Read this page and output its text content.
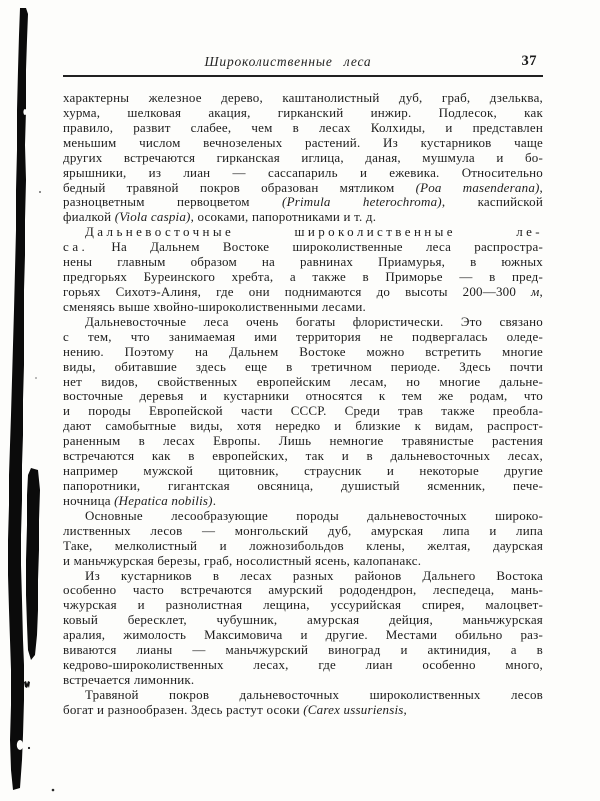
Широколиственные леса	37
характерны железное дерево, каштанолистный дуб, граб, дзельква,
хурма, шелковая акация, гирканский инжир. Подлесок, как
правило, развит слабее, чем в лесах Колхиды, и представлен
меньшим числом вечнозеленых растений. Из кустарников чаще
других встречаются гирканская иглица, даная, мушмула и бо-
ярышники, из лиан — сассапариль и ежевика. Относительно
бедный травяной покров образован мятликом (Poa masenderana),
разноцветным первоцветом (Primula heterochroma), каспийской
фиалкой (Viola caspia), осоками, папоротниками и т. д.
Дальневосточные широколиственные ле-
са. На Дальнем Востоке широколиственные леса распростра-
нены главным образом на равнинах Приамурья, в южных
предгорьях Буреинского хребта, а также в Приморье — в пред-
горьях Сихотэ-Алиня, где они поднимаются до высоты 200—300 м,
сменяясь выше хвойно-широколиственными лесами.
Дальневосточные леса очень богаты флористически. Это связано
с тем, что занимаемая ими территория не подвергалась оледе-
нению. Поэтому на Дальнем Востоке можно встретить многие
виды, обитавшие здесь еще в третичном периоде. Здесь почти
нет видов, свойственных европейским лесам, но многие дальне-
восточные деревья и кустарники относятся к тем же родам, что
и породы Европейской части СССР. Среди трав также преобла-
дают самобытные виды, хотя нередко и близкие к видам, распрост-
раненным в лесах Европы. Лишь немногие травянистые растения
встречаются как в европейских, так и в дальневосточных лесах,
например мужской щитовник, страусник и некоторые другие
папоротники, гигантская овсяница, душистый ясменник, пече-
ночница (Hepatica nobilis).
Основные лесообразующие породы дальневосточных широко-
лиственных лесов — монгольский дуб, амурская липа и липа
Таке, мелколистный и ложнозибольдов клены, желтая, даурская
и маньчжурская березы, граб, носолистный ясень, калопанакс.
Из кустарников в лесах разных районов Дальнего Востока
особенно часто встречаются амурский рододендрон, леспедеца, мань-
чжурская и разнолистная лещина, уссурийская спирея, малоцвет-
ковый бересклет, чубушник, амурская дейция, маньчжурская
аралия, жимолость Максимовича и другие. Местами обильно раз-
виваются лианы — маньчжурский виноград и актинидия, а в
кедрово-широколиственных лесах, где лиан особенно много,
встречается лимонник.
Травяной покров дальневосточных широколиственных лесов
богат и разнообразен. Здесь растут осоки (Carex ussuriensis,
